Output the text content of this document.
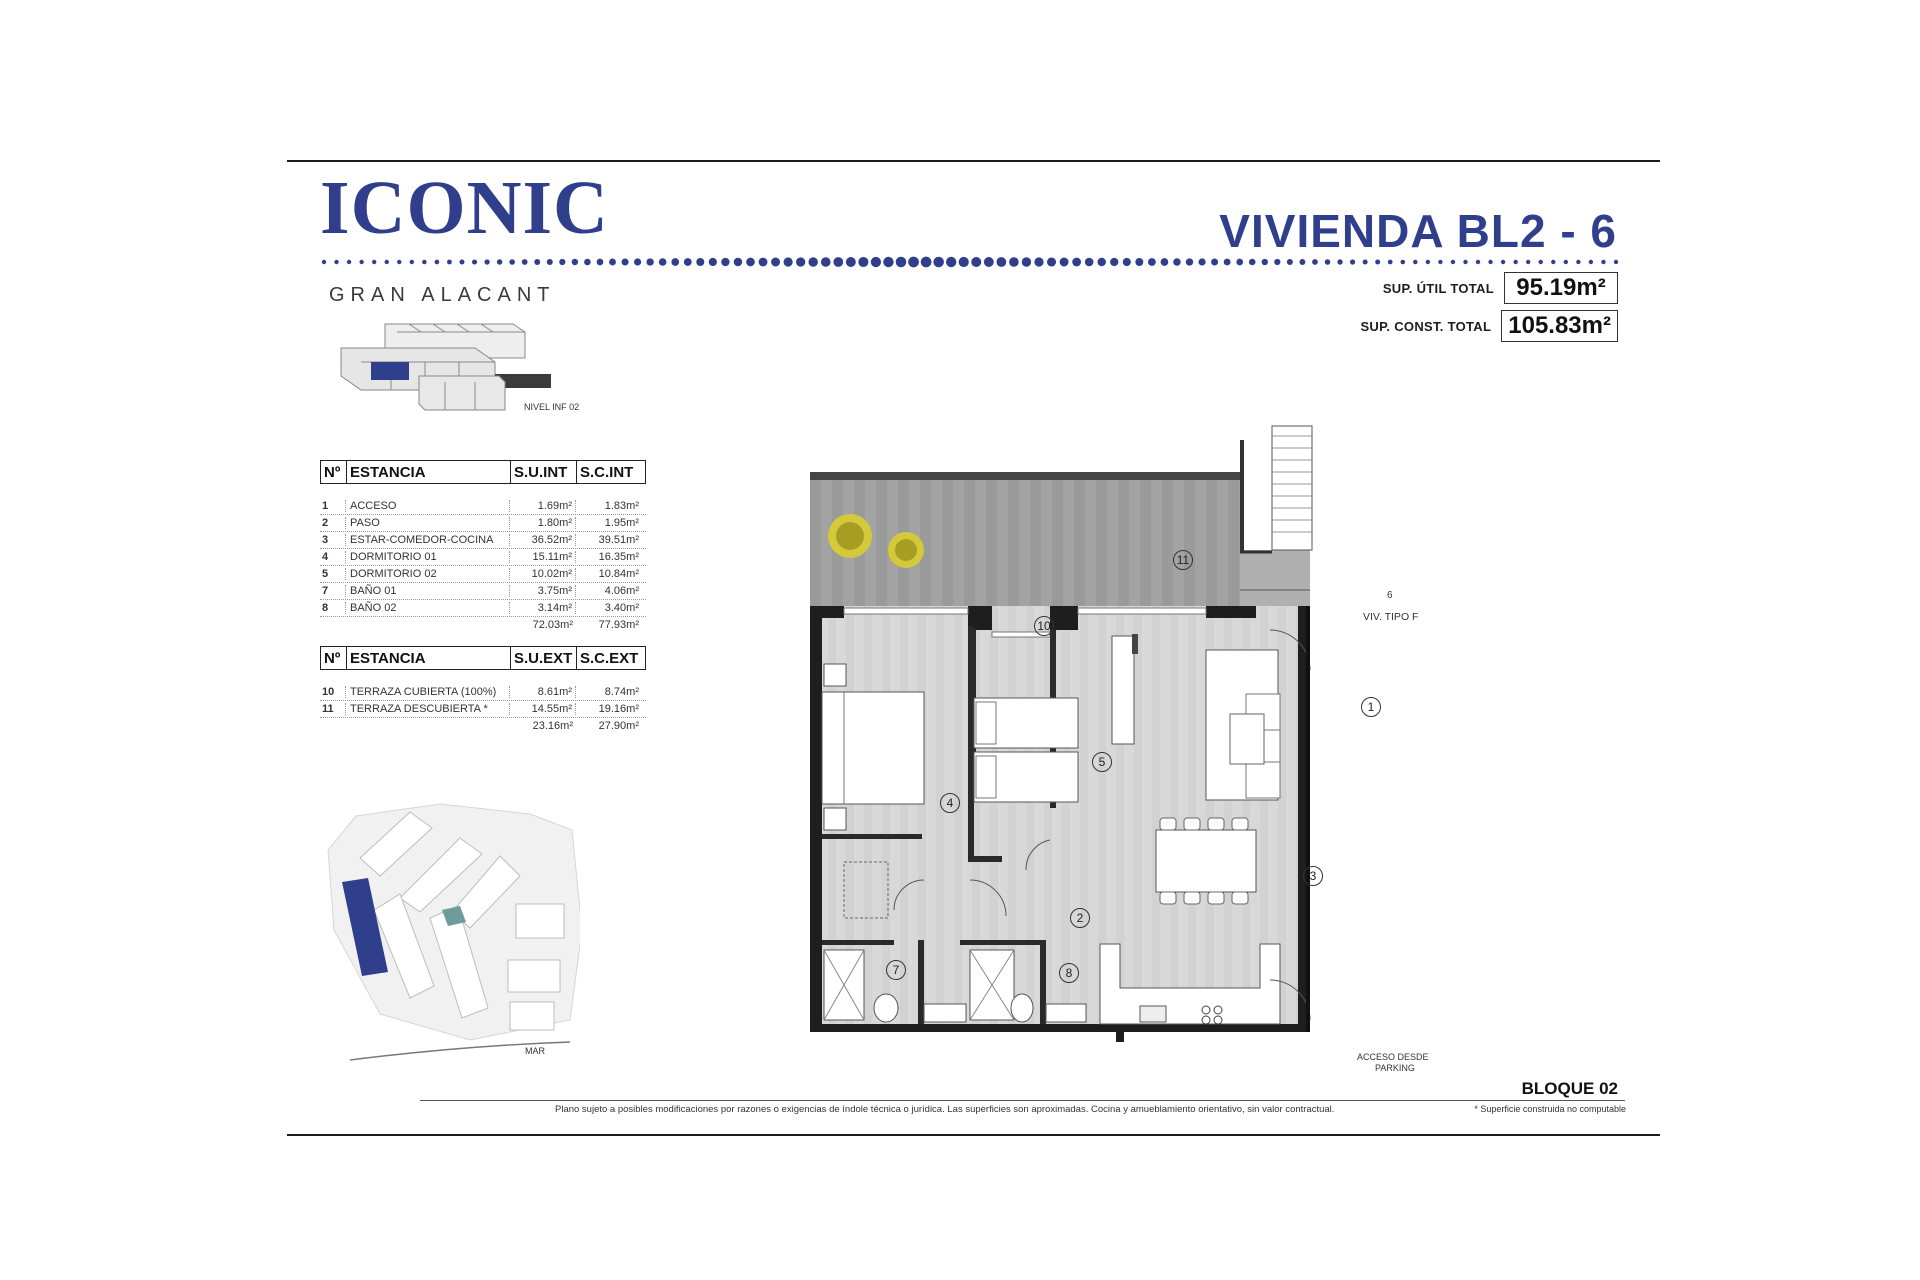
ICONIC
GRAN ALACANT
VIVIENDA BL2 - 6
SUP. ÚTIL TOTAL 95.19m²
SUP. CONST. TOTAL 105.83m²
NIVEL INF 02
Nº ESTANCIA	S.U.INT S.C.INT
1	ACCESO	1.69m²	1.83m²
2	PASO	1.80m²	1.95m²
3	ESTAR-COMEDOR-COCINA	36.52m²	39.51m²
4	DORMITORIO 01	15.11m²	16.35m²
5	DORMITORIO 02	10.02m²	10.84m²
7	BAÑO 01	3.75m²	4.06m²
8	BAÑO 02	3.14m²	3.40m²
72.03m²	77.93m²
Nº ESTANCIA	S.U.EXT S.C.EXT
10	TERRAZA CUBIERTA (100%)	8.61m²	8.74m²
11	TERRAZA DESCUBIERTA *	14.55m²	19.16m²
23.16m²	27.90m²
MAR
11
10
1
5
4
3
2
7	8
6
VIV. TIPO F
ACCESO DESDE
PARKING
BLOQUE 02
Plano sujeto a posibles modificaciones por razones o exigencias de índole técnica o jurídica. Las superficies son aproximadas. Cocina y amueblamiento orientativo, sin valor contractual.	* Superficie construida no computable
